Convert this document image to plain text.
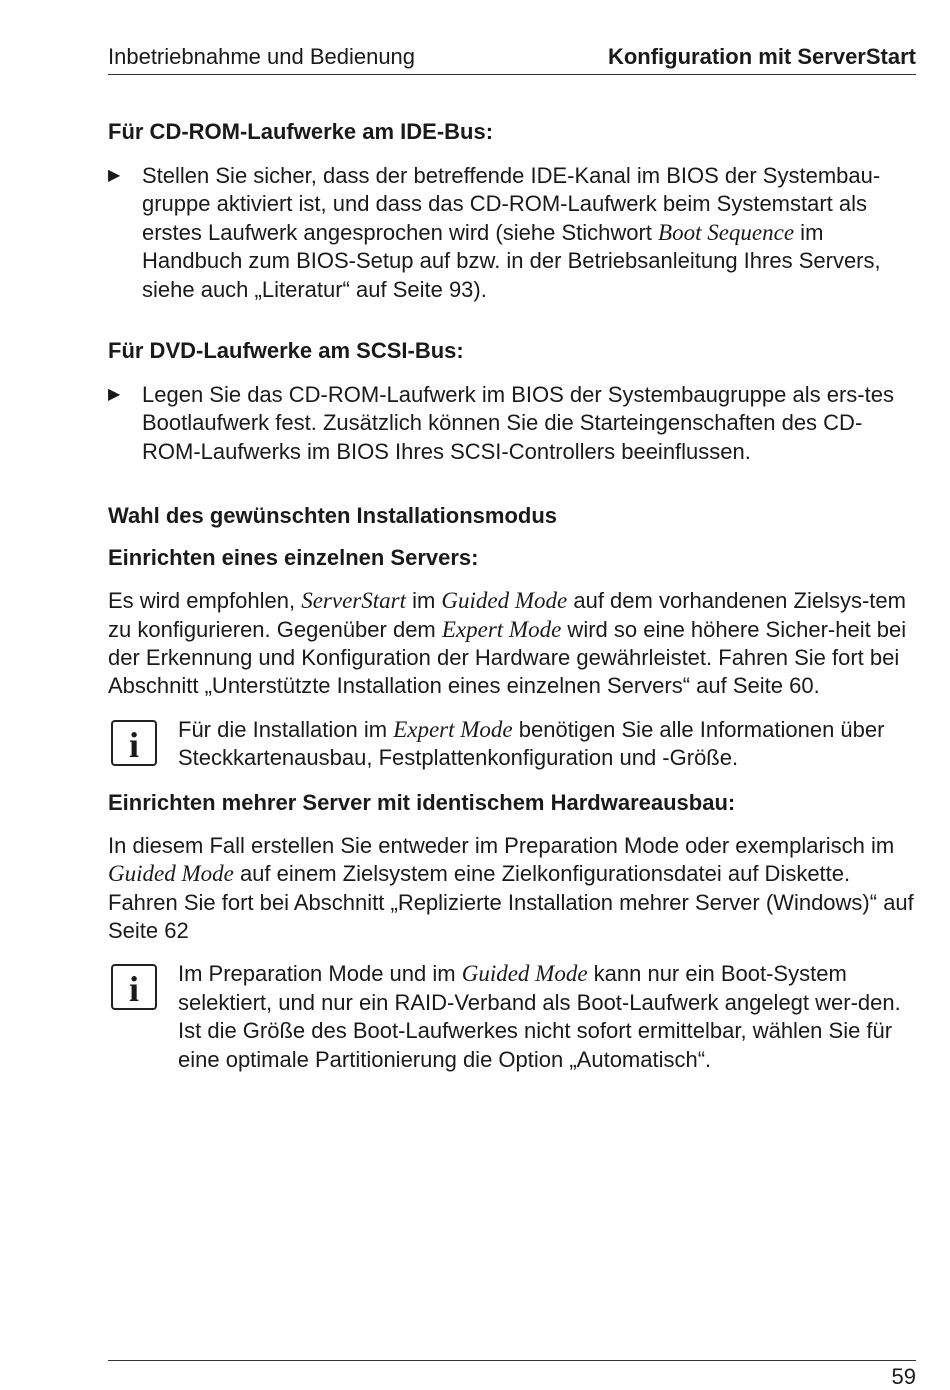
Inbetriebnahme und Bedienung	Konfiguration mit ServerStart
Für CD-ROM-Laufwerke am IDE-Bus:
▶ Stellen Sie sicher, dass der betreffende IDE-Kanal im BIOS der Systembau-gruppe aktiviert ist, und dass das CD-ROM-Laufwerk beim Systemstart als erstes Laufwerk angesprochen wird (siehe Stichwort Boot Sequence im Handbuch zum BIOS-Setup auf bzw. in der Betriebsanleitung Ihres Servers, siehe auch „Literatur“ auf Seite 93).

Für DVD-Laufwerke am SCSI-Bus:
▶ Legen Sie das CD-ROM-Laufwerk im BIOS der Systembaugruppe als ers-tes Bootlaufwerk fest. Zusätzlich können Sie die Starteingenschaften des CD-ROM-Laufwerks im BIOS Ihres SCSI-Controllers beeinflussen.

Wahl des gewünschten Installationsmodus
Einrichten eines einzelnen Servers:

Es wird empfohlen, ServerStart im Guided Mode auf dem vorhandenen Zielsys-tem zu konfigurieren. Gegenüber dem Expert Mode wird so eine höhere Sicher-heit bei der Erkennung und Konfiguration der Hardware gewährleistet. Fahren Sie fort bei Abschnitt „Unterstützte Installation eines einzelnen Servers“ auf Seite 60.

i	Für die Installation im Expert Mode benötigen Sie alle Informationen über Steckkartenausbau, Festplattenkonfiguration und -Größe.

Einrichten mehrer Server mit identischem Hardwareausbau:

In diesem Fall erstellen Sie entweder im Preparation Mode oder exemplarisch im Guided Mode auf einem Zielsystem eine Zielkonfigurationsdatei auf Diskette. Fahren Sie fort bei Abschnitt „Replizierte Installation mehrer Server (Windows)“ auf Seite 62

i	Im Preparation Mode und im Guided Mode kann nur ein Boot-System selektiert, und nur ein RAID-Verband als Boot-Laufwerk angelegt wer-den. Ist die Größe des Boot-Laufwerkes nicht sofort ermittelbar, wählen Sie für eine optimale Partitionierung die Option „Automatisch“.

59
